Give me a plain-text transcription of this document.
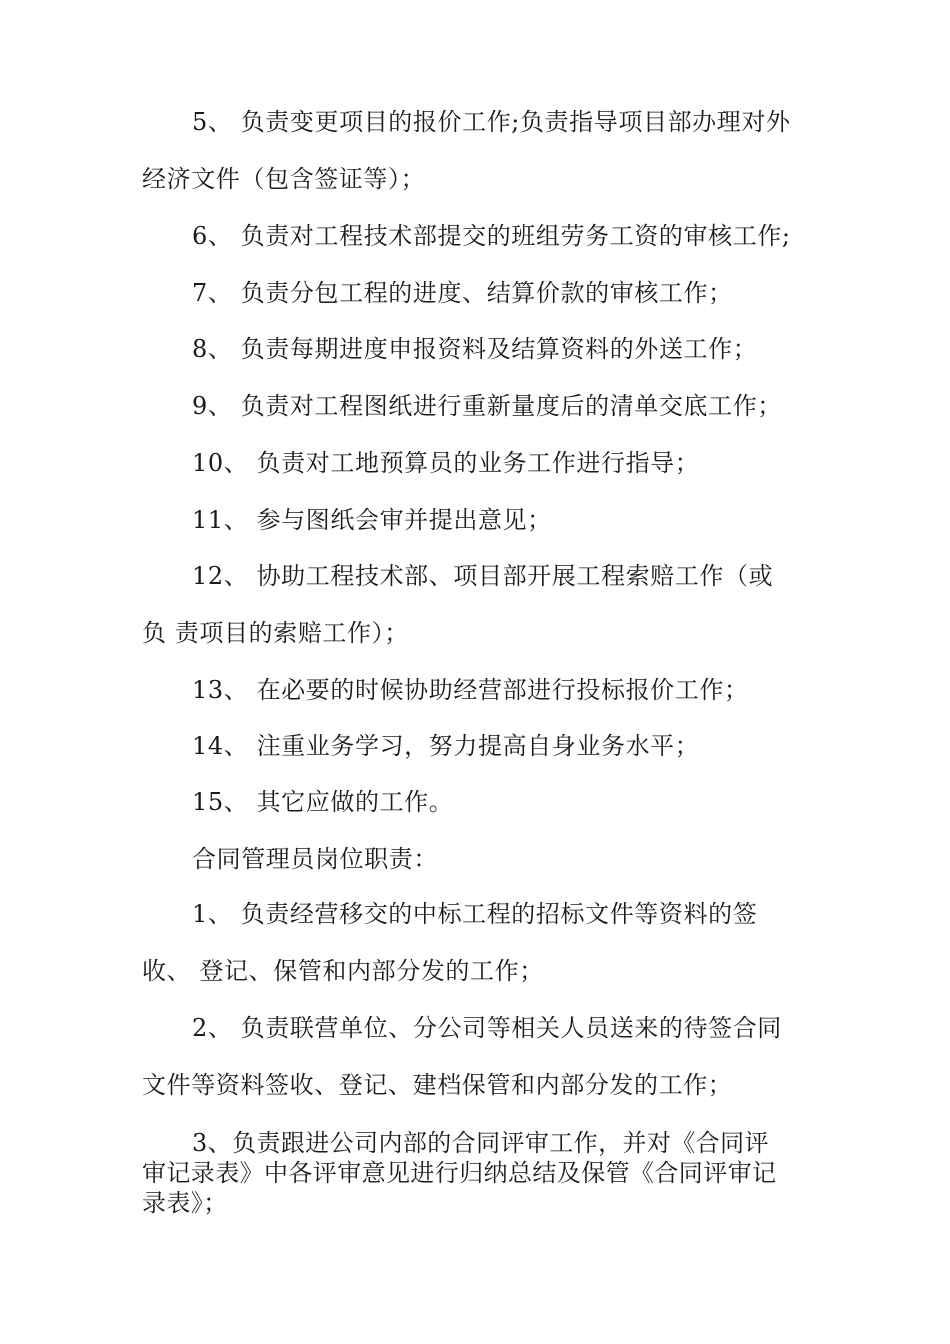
5、 负责变更项目的报价工作;负责指导项目部办理对外
经济文件（包含签证等）；
6、 负责对工程技术部提交的班组劳务工资的审核工作;
7、 负责分包工程的进度、结算价款的审核工作；
8、 负责每期进度申报资料及结算资料的外送工作；
9、 负责对工程图纸进行重新量度后的清单交底工作；
10、 负责对工地预算员的业务工作进行指导；
11、 参与图纸会审并提出意见；
12、 协助工程技术部、项目部开展工程索赔工作（或
负 责项目的索赔工作）；
13、 在必要的时候协助经营部进行投标报价工作；
14、 注重业务学习，努力提高自身业务水平；
15、 其它应做的工作。
合同管理员岗位职责：
1、 负责经营移交的中标工程的招标文件等资料的签
收、 登记、保管和内部分发的工作；
2、 负责联营单位、分公司等相关人员送来的待签合同
文件等资料签收、登记、建档保管和内部分发的工作；
3、负责跟进公司内部的合同评审工作，并对《合同评
审记录表》中各评审意见进行归纳总结及保管《合同评审记
录表》；
